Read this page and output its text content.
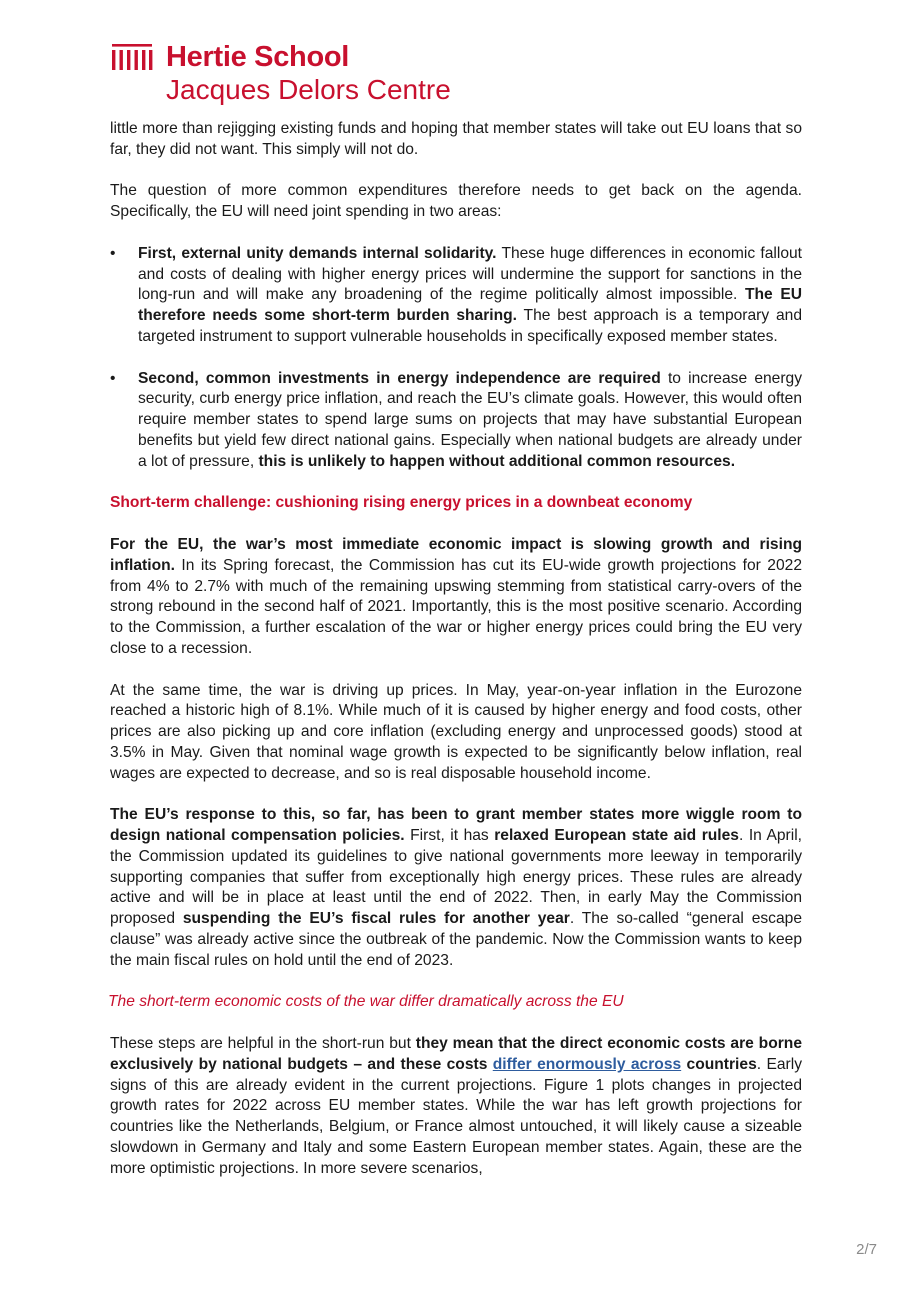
Hertie School
Jacques Delors Centre

little more than rejigging existing funds and hoping that member states will take out EU loans that so far, they did not want. This simply will not do.

The question of more common expenditures therefore needs to get back on the agenda. Specifically, the EU will need joint spending in two areas:

• First, external unity demands internal solidarity. These huge differences in economic fallout and costs of dealing with higher energy prices will undermine the support for sanctions in the long-run and will make any broadening of the regime politically almost impossible. The EU therefore needs some short-term burden sharing. The best approach is a temporary and targeted instrument to support vulnerable households in specifically exposed member states.
• Second, common investments in energy independence are required to increase energy security, curb energy price inflation, and reach the EU’s climate goals. However, this would often require member states to spend large sums on projects that may have substantial European benefits but yield few direct national gains. Especially when national budgets are already under a lot of pressure, this is unlikely to happen without additional common resources.
Short-term challenge: cushioning rising energy prices in a downbeat economy

For the EU, the war’s most immediate economic impact is slowing growth and rising inflation. In its Spring forecast, the Commission has cut its EU-wide growth projections for 2022 from 4% to 2.7% with much of the remaining upswing stemming from statistical carry-overs of the strong rebound in the second half of 2021. Importantly, this is the most positive scenario. According to the Commission, a further escalation of the war or higher energy prices could bring the EU very close to a recession.

At the same time, the war is driving up prices. In May, year-on-year inflation in the Eurozone reached a historic high of 8.1%. While much of it is caused by higher energy and food costs, other prices are also picking up and core inflation (excluding energy and unprocessed goods) stood at 3.5% in May. Given that nominal wage growth is expected to be significantly below inflation, real wages are expected to decrease, and so is real disposable household income.

The EU’s response to this, so far, has been to grant member states more wiggle room to design national compensation policies. First, it has relaxed European state aid rules. In April, the Commission updated its guidelines to give national governments more leeway in temporarily supporting companies that suffer from exceptionally high energy prices. These rules are already active and will be in place at least until the end of 2022. Then, in early May the Commission proposed suspending the EU’s fiscal rules for another year. The so-called “general escape clause” was already active since the outbreak of the pandemic. Now the Commission wants to keep the main fiscal rules on hold until the end of 2023.

The short-term economic costs of the war differ dramatically across the EU

These steps are helpful in the short-run but they mean that the direct economic costs are borne exclusively by national budgets – and these costs differ enormously across countries. Early signs of this are already evident in the current projections. Figure 1 plots changes in projected growth rates for 2022 across EU member states. While the war has left growth projections for countries like the Netherlands, Belgium, or France almost untouched, it will likely cause a sizeable slowdown in Germany and Italy and some Eastern European member states. Again, these are the more optimistic projections. In more severe scenarios,

2/7
